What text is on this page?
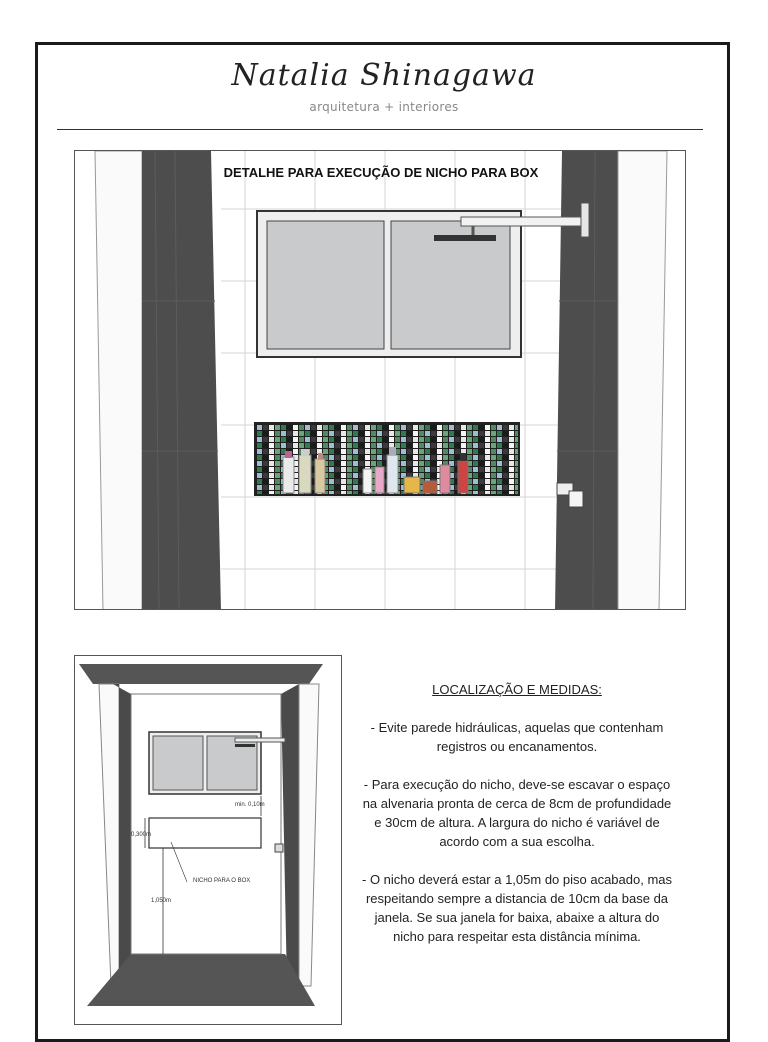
Natalia Shinagawa
arquitetura + interiores
DETALHE PARA EXECUÇÃO DE NICHO PARA BOX
min. 0,10m
0,300m
NICHO PARA O BOX
1,050m
LOCALIZAÇÃO E MEDIDAS:

- Evite parede hidráulicas, aquelas que contenham registros ou encanamentos.

- Para execução do nicho, deve-se escavar o espaço na alvenaria pronta de cerca de 8cm de profundidade e 30cm de altura. A largura do nicho é variável de acordo com a sua escolha.

- O nicho deverá estar a 1,05m do piso acabado, mas respeitando sempre a distancia de 10cm da base da janela. Se sua janela for baixa, abaixe a altura do nicho para respeitar esta distância mínima.
